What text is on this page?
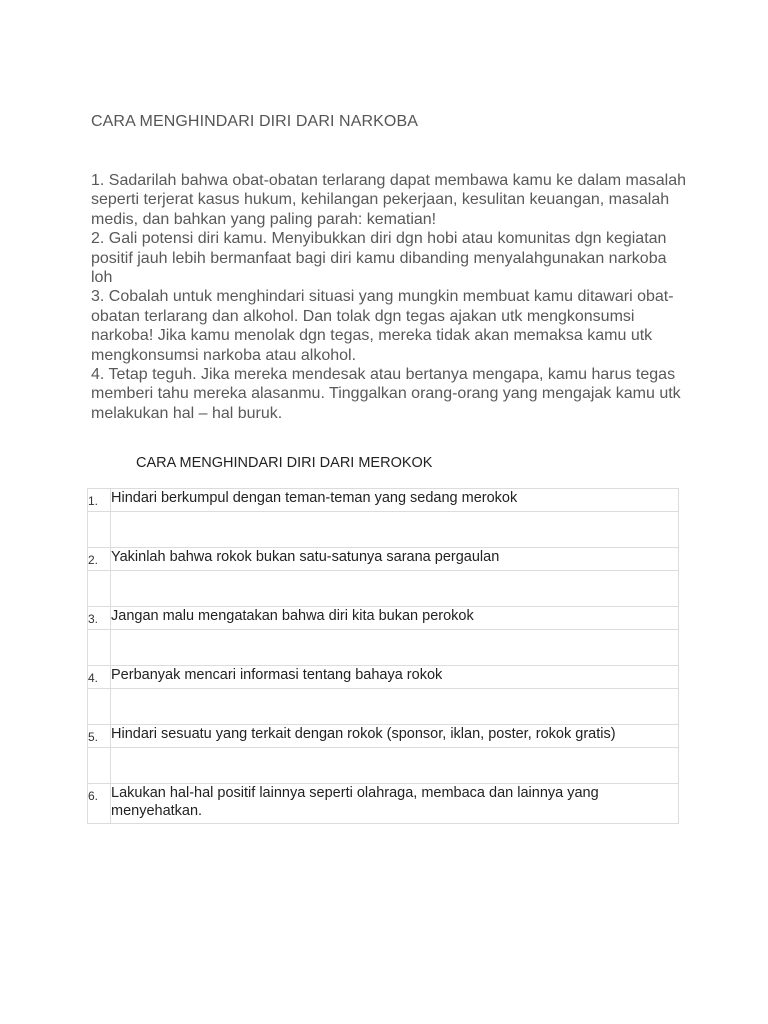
CARA MENGHINDARI DIRI DARI NARKOBA

1. Sadarilah bahwa obat-obatan terlarang dapat membawa kamu ke dalam masalah seperti terjerat kasus hukum, kehilangan pekerjaan, kesulitan keuangan, masalah medis, dan bahkan yang paling parah: kematian!

2. Gali potensi diri kamu. Menyibukkan diri dgn hobi atau komunitas dgn kegiatan positif jauh lebih bermanfaat bagi diri kamu dibanding menyalahgunakan narkoba loh

3. Cobalah untuk menghindari situasi yang mungkin membuat kamu ditawari obat-obatan terlarang dan alkohol. Dan tolak dgn tegas ajakan utk mengkonsumsi narkoba! Jika kamu menolak dgn tegas, mereka tidak akan memaksa kamu utk mengkonsumsi narkoba atau alkohol.

4. Tetap teguh. Jika mereka mendesak atau bertanya mengapa, kamu harus tegas memberi tahu mereka alasanmu. Tinggalkan orang-orang yang mengajak kamu utk melakukan hal – hal buruk.

CARA MENGHINDARI DIRI DARI MEROKOK
1.	Hindari berkumpul dengan teman-teman yang sedang merokok

2.	Yakinlah bahwa rokok bukan satu-satunya sarana pergaulan

3.	Jangan malu mengatakan bahwa diri kita bukan perokok

4.	Perbanyak mencari informasi tentang bahaya rokok

5.	Hindari sesuatu yang terkait dengan rokok (sponsor, iklan, poster, rokok gratis)

6.	Lakukan hal-hal positif lainnya seperti olahraga, membaca dan lainnya yang menyehatkan.
